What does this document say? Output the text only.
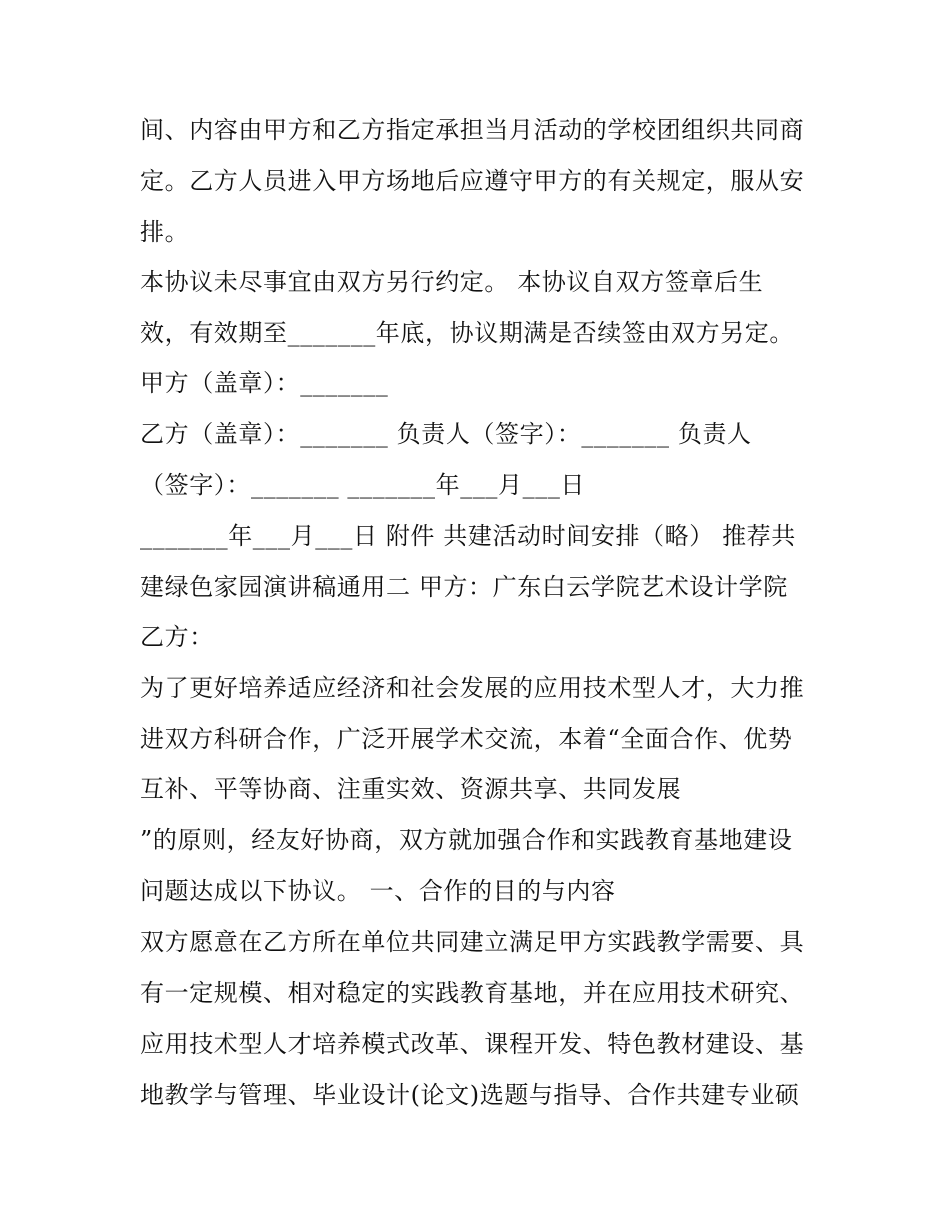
间、内容由甲方和乙方指定承担当月活动的学校团组织共同商
定。乙方人员进入甲方场地后应遵守甲方的有关规定，服从安
排。
本协议未尽事宜由双方另行约定。 本协议自双方签章后生
效，有效期至_______年底，协议期满是否续签由双方另定。
甲方（盖章）：_______
乙方（盖章）：_______ 负责人（签字）：_______ 负责人
（签字）：_______ _______年___月___日
_______年___月___日 附件 共建活动时间安排（略） 推荐共
建绿色家园演讲稿通用二 甲方：广东白云学院艺术设计学院
乙方：
为了更好培养适应经济和社会发展的应用技术型人才，大力推
进双方科研合作，广泛开展学术交流，本着“全面合作、优势
互补、平等协商、注重实效、资源共享、共同发展
”的原则，经友好协商，双方就加强合作和实践教育基地建设
问题达成以下协议。 一、合作的目的与内容
双方愿意在乙方所在单位共同建立满足甲方实践教学需要、具
有一定规模、相对稳定的实践教育基地，并在应用技术研究、
应用技术型人才培养模式改革、课程开发、特色教材建设、基
地教学与管理、毕业设计(论文)选题与指导、合作共建专业硕
